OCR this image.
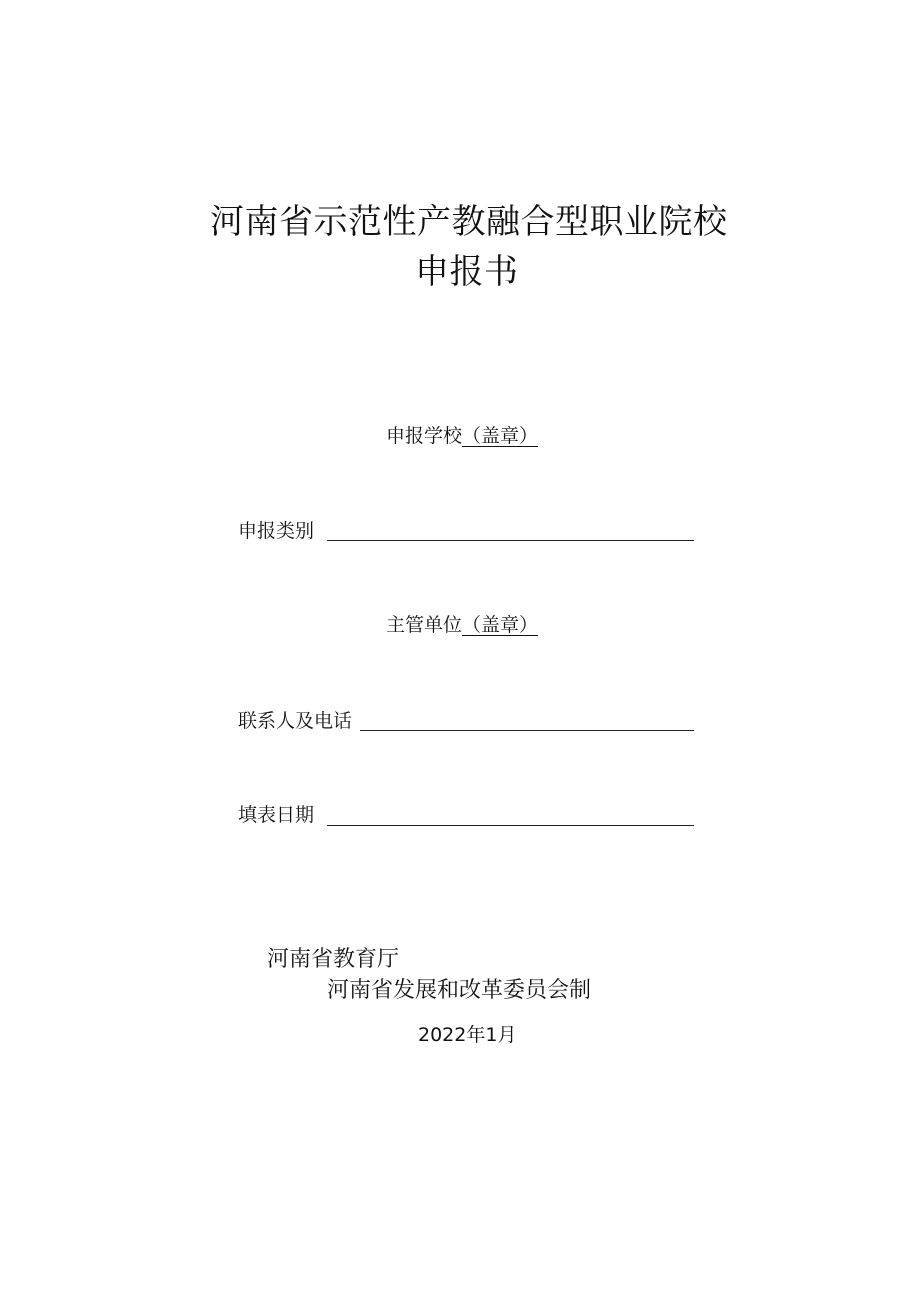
河南省示范性产教融合型职业院校
申报书
申报学校（盖章）
申报类别
主管单位（盖章）
联系人及电话
填表日期
河南省教育厅
河南省发展和改革委员会制
2022年1月
